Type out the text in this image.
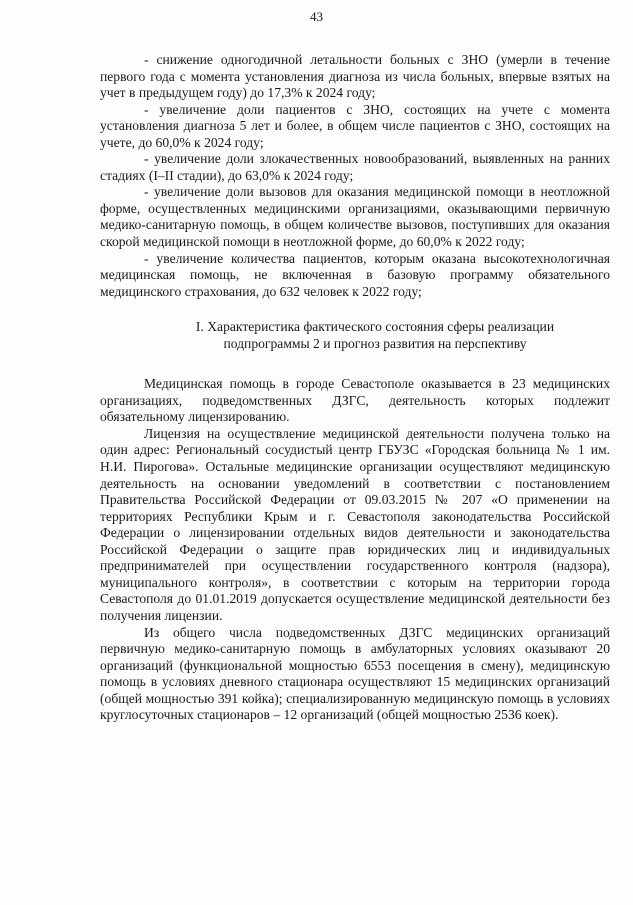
43

- снижение одногодичной летальности больных с ЗНО (умерли в течение первого года с момента установления диагноза из числа больных, впервые взятых на учет в предыдущем году) до 17,3% к 2024 году;

- увеличение доли пациентов с ЗНО, состоящих на учете с момента установления диагноза 5 лет и более, в общем числе пациентов с ЗНО, состоящих на учете, до 60,0% к 2024 году;

- увеличение доли злокачественных новообразований, выявленных на ранних стадиях (I–II стадии), до 63,0% к 2024 году;

- увеличение доли вызовов для оказания медицинской помощи в неотложной форме, осуществленных медицинскими организациями, оказывающими первичную медико-санитарную помощь, в общем количестве вызовов, поступивших для оказания скорой медицинской помощи в неотложной форме, до 60,0% к 2022 году;

- увеличение количества пациентов, которым оказана высокотехнологичная медицинская помощь, не включенная в базовую программу обязательного медицинского страхования, до 632 человек к 2022 году;

I. Характеристика фактического состояния сферы реализации подпрограммы 2 и прогноз развития на перспективу

Медицинская помощь в городе Севастополе оказывается в 23 медицинских организациях, подведомственных ДЗГС, деятельность которых подлежит обязательному лицензированию.

Лицензия на осуществление медицинской деятельности получена только на один адрес: Региональный сосудистый центр ГБУЗС «Городская больница № 1 им. Н.И. Пирогова». Остальные медицинские организации осуществляют медицинскую деятельность на основании уведомлений в соответствии с постановлением Правительства Российской Федерации от 09.03.2015 № 207 «О применении на территориях Республики Крым и г. Севастополя законодательства Российской Федерации о лицензировании отдельных видов деятельности и законодательства Российской Федерации о защите прав юридических лиц и индивидуальных предпринимателей при осуществлении государственного контроля (надзора), муниципального контроля», в соответствии с которым на территории города Севастополя до 01.01.2019 допускается осуществление медицинской деятельности без получения лицензии.

Из общего числа подведомственных ДЗГС медицинских организаций первичную медико-санитарную помощь в амбулаторных условиях оказывают 20 организаций (функциональной мощностью 6553 посещения в смену), медицинскую помощь в условиях дневного стационара осуществляют 15 медицинских организаций (общей мощностью 391 койка); специализированную медицинскую помощь в условиях круглосуточных стационаров – 12 организаций (общей мощностью 2536 коек).
